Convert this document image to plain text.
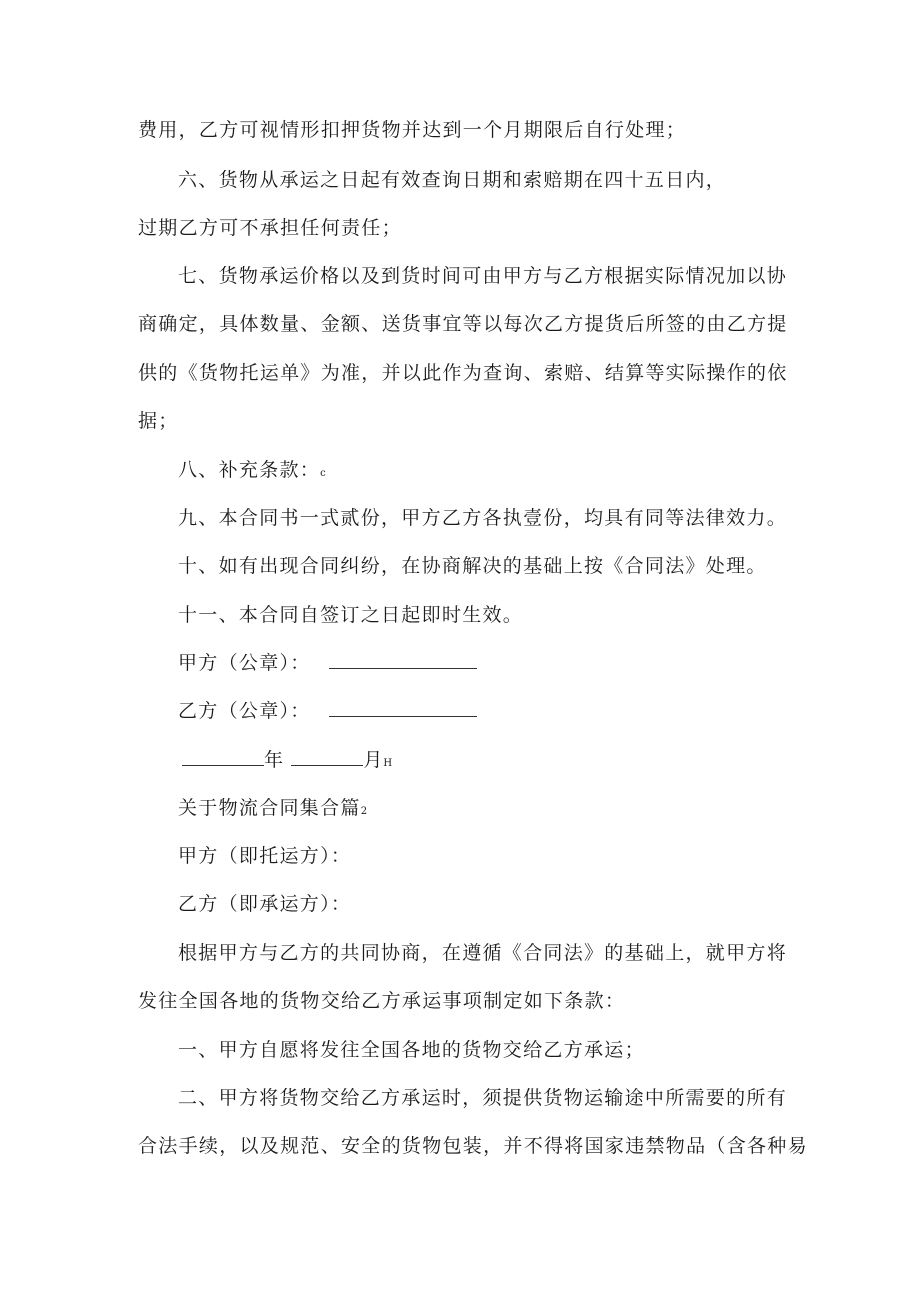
费用，乙方可视情形扣押货物并达到一个月期限后自行处理；
六、货物从承运之日起有效查询日期和索赔期在四十五日内，
过期乙方可不承担任何责任；
七、货物承运价格以及到货时间可由甲方与乙方根据实际情况加以协
商确定，具体数量、金额、送货事宜等以每次乙方提货后所签的由乙方提
供的《货物托运单》为准，并以此作为查询、索赔、结算等实际操作的依
据；
八、补充条款：c
九、本合同书一式贰份，甲方乙方各执壹份，均具有同等法律效力。
十、如有出现合同纠纷，在协商解决的基础上按《合同法》处理。
十一、本合同自签订之日起即时生效。
甲方（公章）：
乙方（公章）：
年	月H
关于物流合同集合篇2
甲方（即托运方）：
乙方（即承运方）：
根据甲方与乙方的共同协商，在遵循《合同法》的基础上，就甲方将
发往全国各地的货物交给乙方承运事项制定如下条款：
一、甲方自愿将发往全国各地的货物交给乙方承运；
二、甲方将货物交给乙方承运时，须提供货物运输途中所需要的所有
合法手续，以及规范、安全的货物包装，并不得将国家违禁物品（含各种易
